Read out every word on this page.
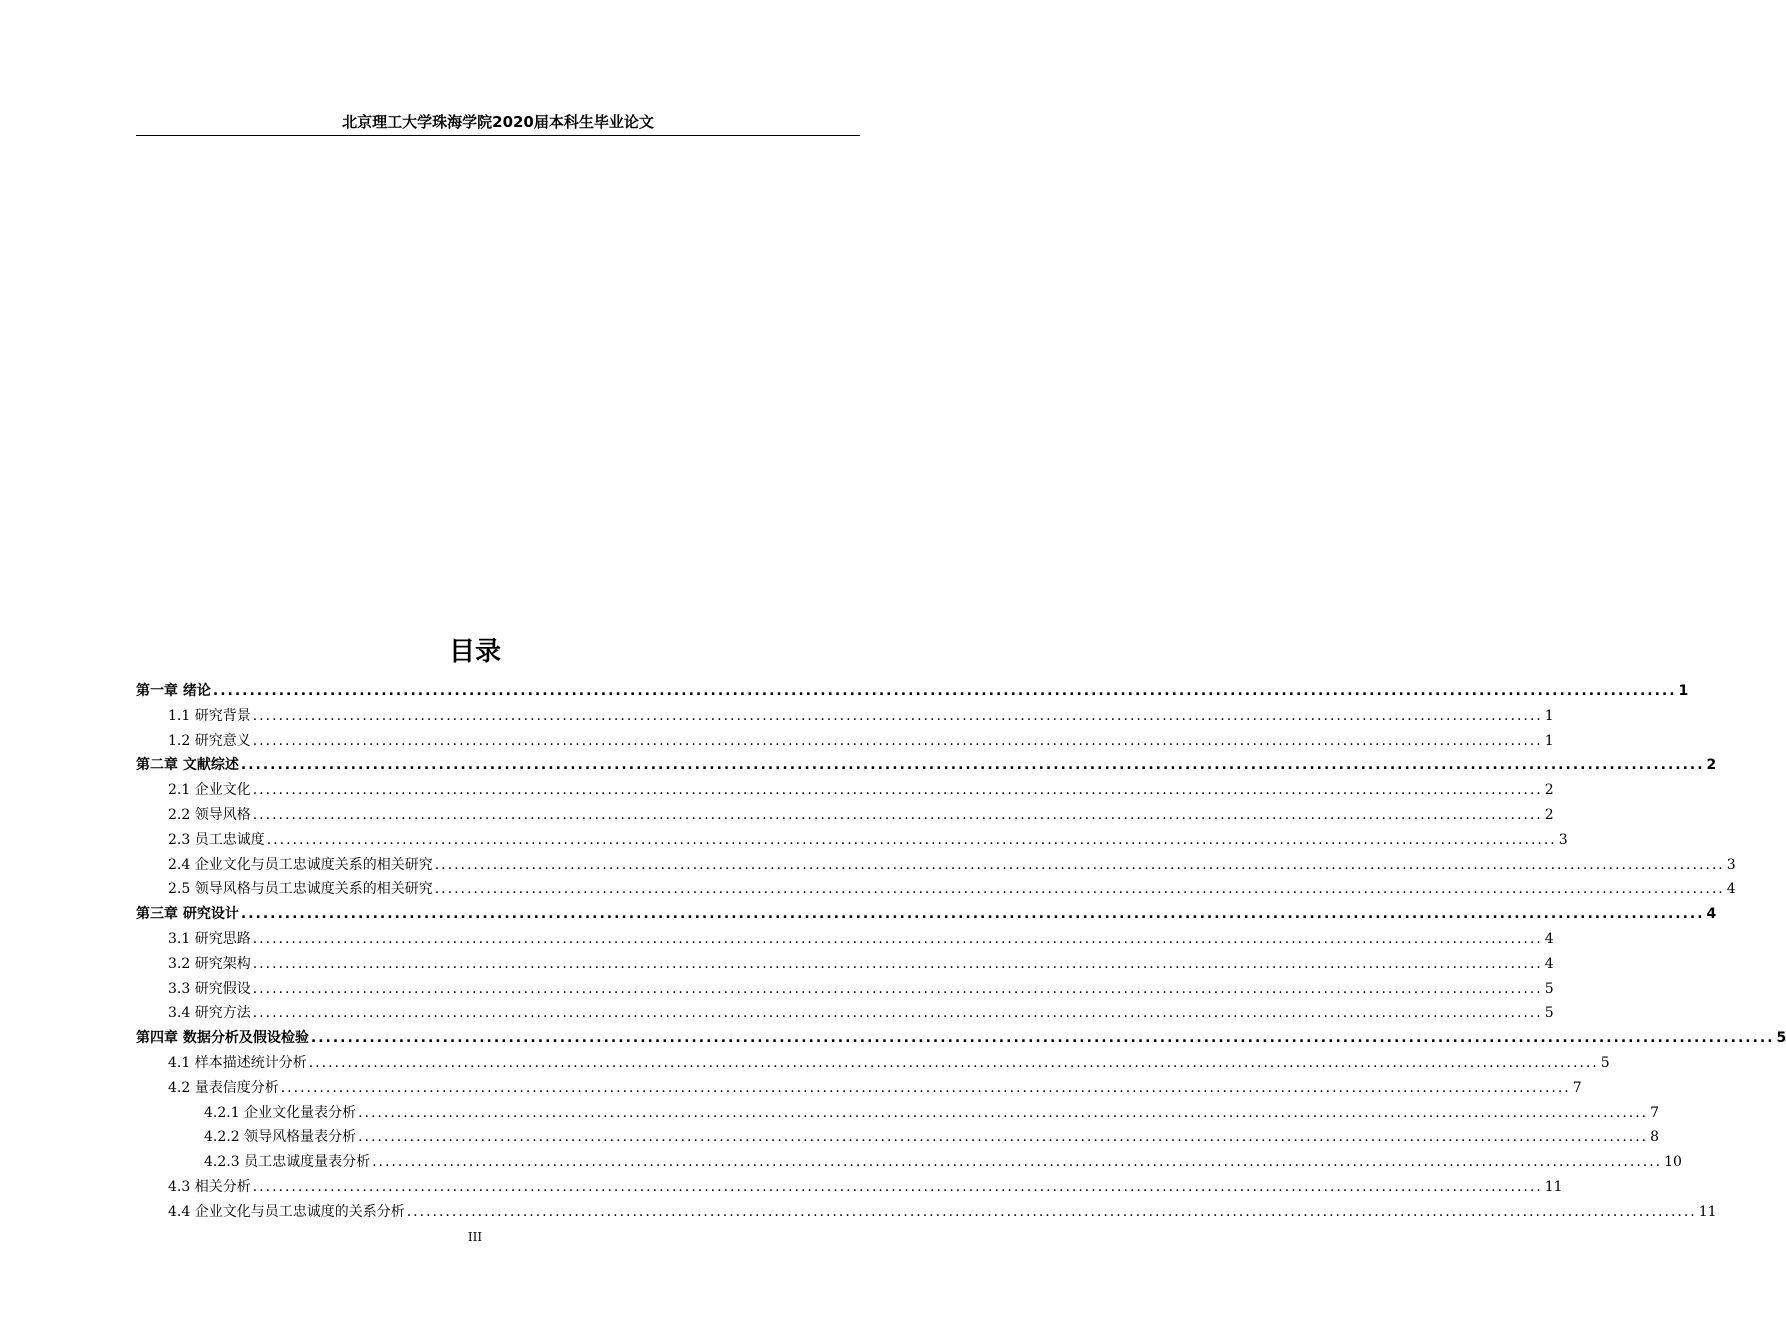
北京理工大学珠海学院2020届本科生毕业论文
目录
第一章 绪论 ........................................................................................................................................................................................................ 1
1.1 研究背景 ........................................................................................................................................................................................................ 1
1.2 研究意义 ........................................................................................................................................................................................................ 1
第二章 文献综述 ........................................................................................................................................................................................................ 2
2.1 企业文化 ........................................................................................................................................................................................................ 2
2.2 领导风格 ........................................................................................................................................................................................................ 2
2.3 员工忠诚度 ........................................................................................................................................................................................................ 3
2.4 企业文化与员工忠诚度关系的相关研究 ........................................................................................................................................................................................................ 3
2.5 领导风格与员工忠诚度关系的相关研究 ........................................................................................................................................................................................................ 4
第三章 研究设计 ........................................................................................................................................................................................................ 4
3.1 研究思路 ........................................................................................................................................................................................................ 4
3.2 研究架构 ........................................................................................................................................................................................................ 4
3.3 研究假设 ........................................................................................................................................................................................................ 5
3.4 研究方法 ........................................................................................................................................................................................................ 5
第四章 数据分析及假设检验 ........................................................................................................................................................................................................ 5
4.1 样本描述统计分析 ........................................................................................................................................................................................................ 5
4.2 量表信度分析 ........................................................................................................................................................................................................ 7
4.2.1 企业文化量表分析 ........................................................................................................................................................................................................ 7
4.2.2 领导风格量表分析 ........................................................................................................................................................................................................ 8
4.2.3 员工忠诚度量表分析 ........................................................................................................................................................................................................ 10
4.3 相关分析 ........................................................................................................................................................................................................ 11
4.4 企业文化与员工忠诚度的关系分析 ........................................................................................................................................................................................................ 11
III
